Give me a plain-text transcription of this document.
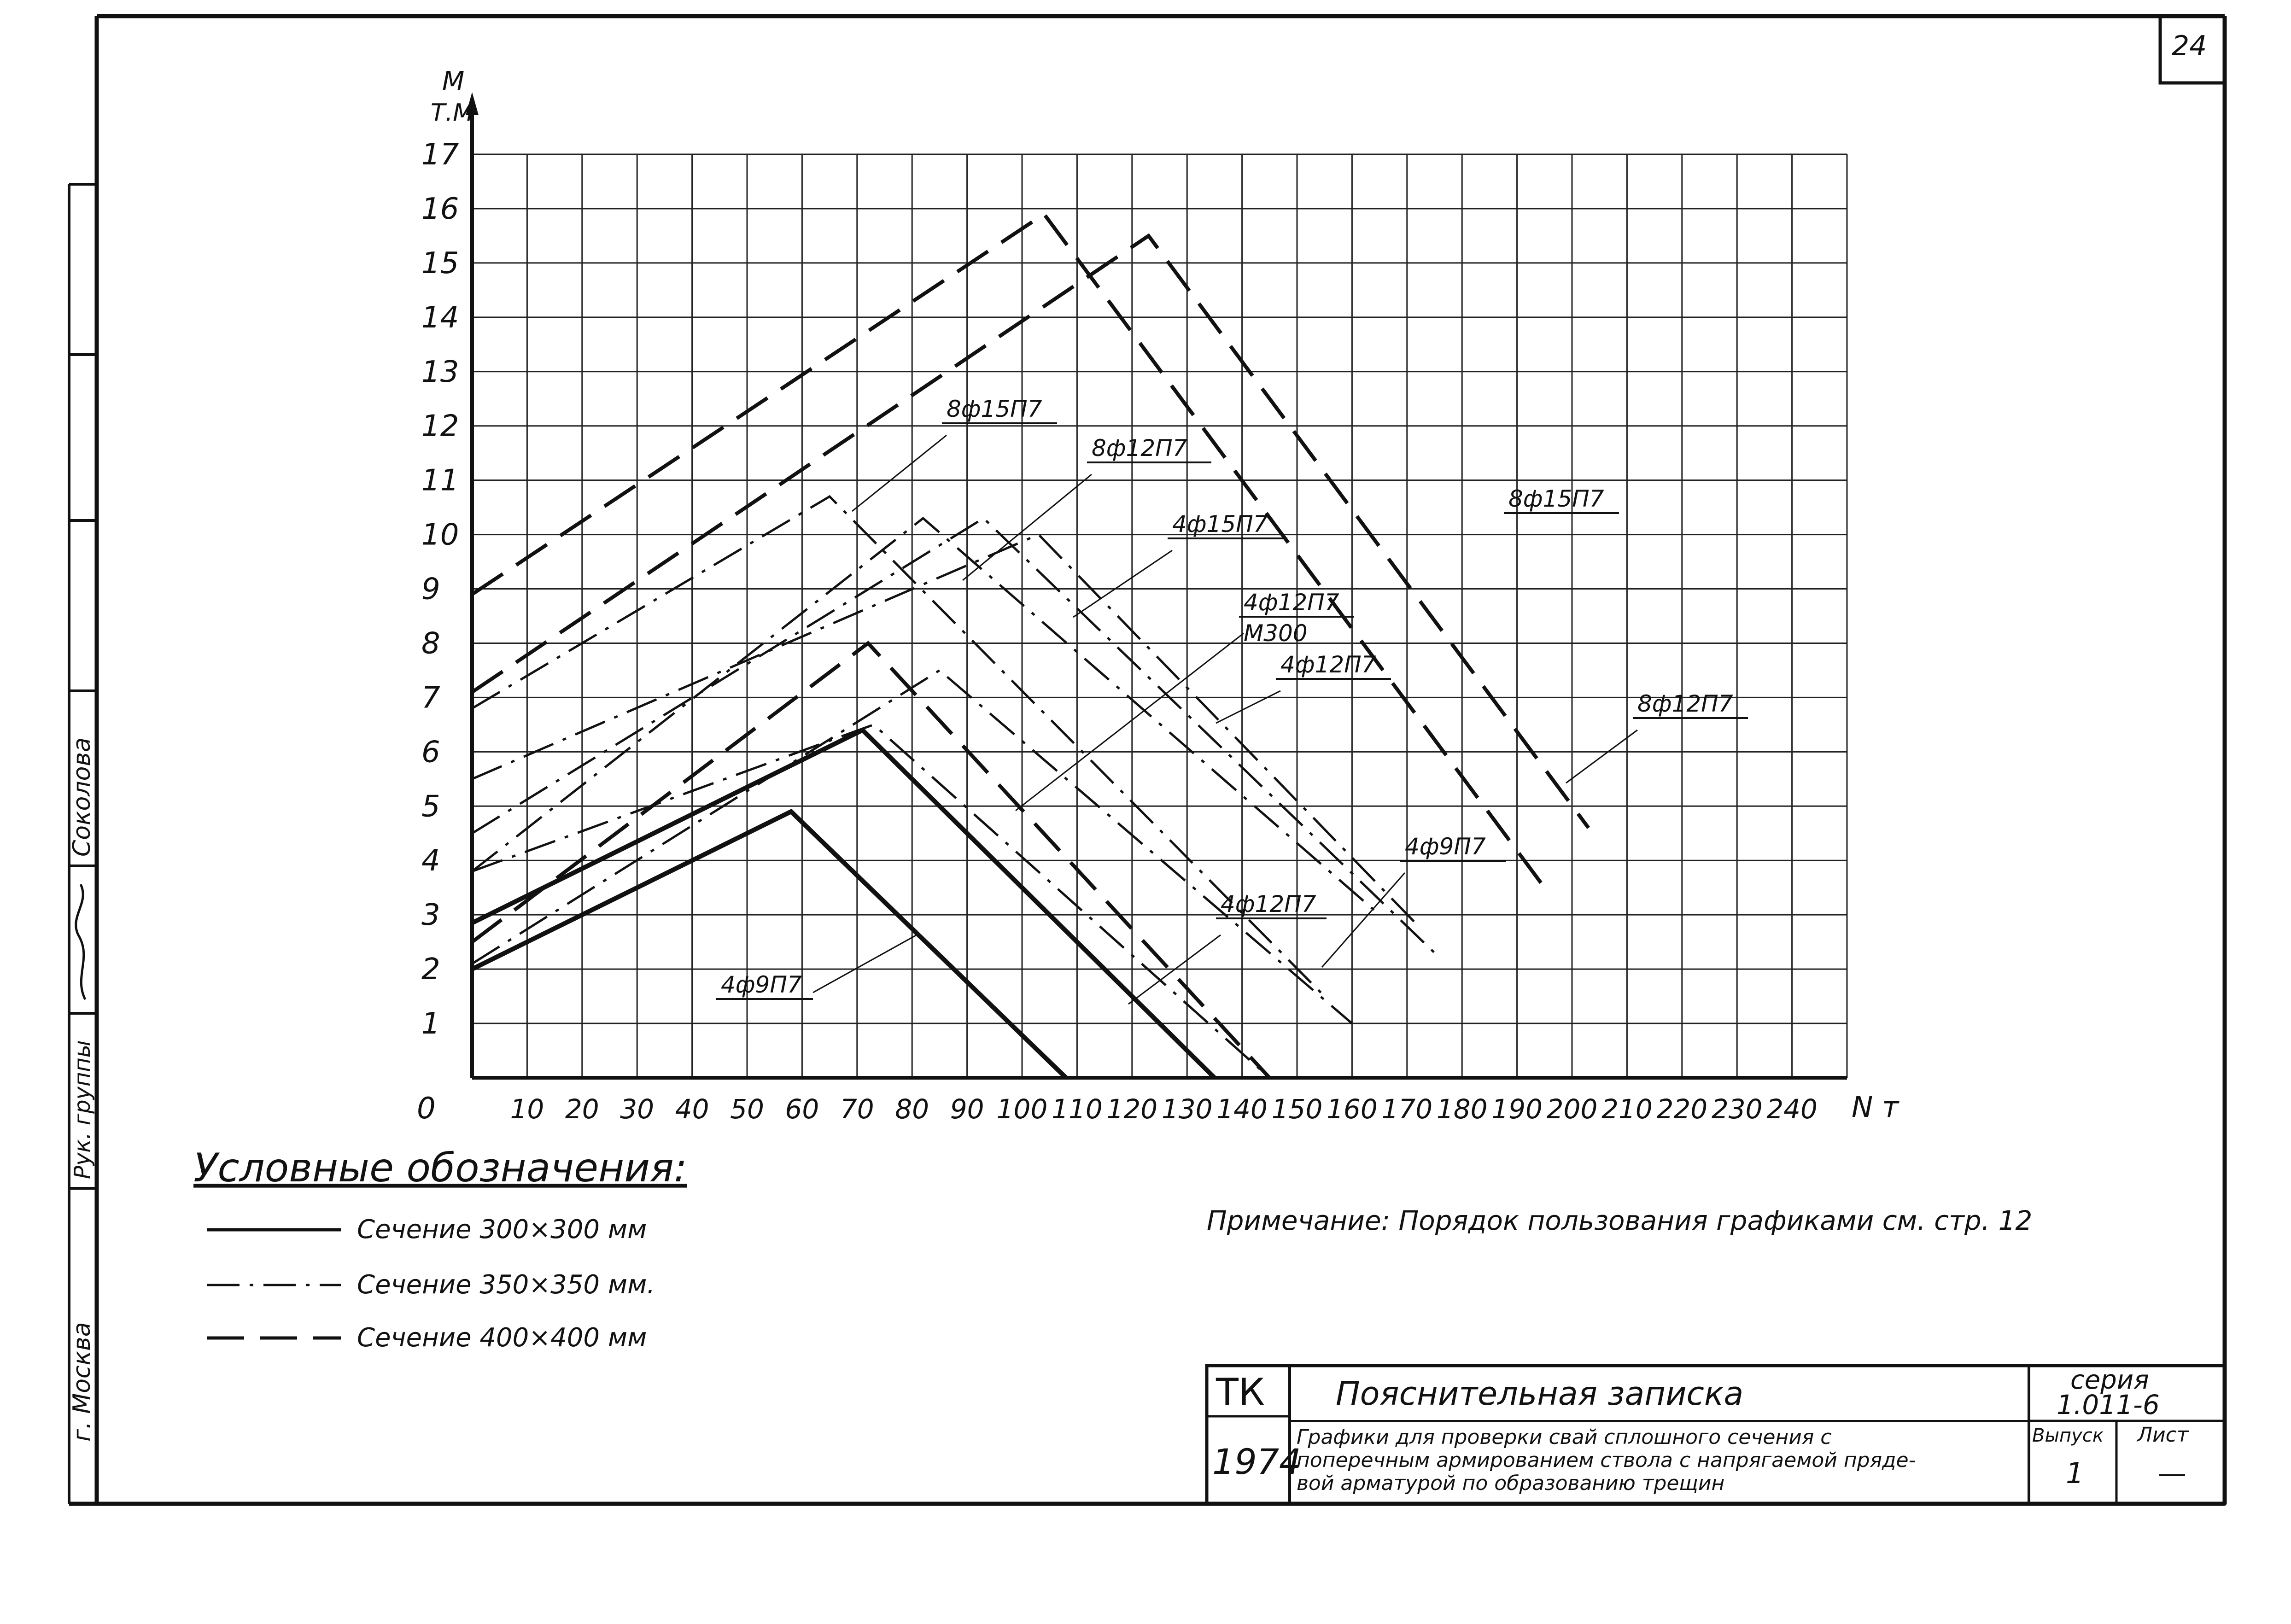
24
Соколова
Рук. группы
г. Москва
1
2
3
4
5
6
7
8
9
10
11
12
13
14
15
16
17
10 20 30 40 50 60 70 80 90 100 110 120 130 140 150 160 170 180 190 200 210 220 230 240
8ф15П7
8ф12П7
4ф15П7
4ф12П7
М300
4ф12П7
8ф15П7
8ф12П7
4ф9П7
4ф12П7
4ф9П7
М
Т.М
N т
0
Условные обозначения:
Сечение 300×300 мм
Сечение 350×350 мм.
Сечение 400×400 мм
Примечание: Порядок пользования графиками см. стр. 12
ТК
1974
Пояснительная записка
Графики для проверки свай сплошного сечения с
поперечным армированием ствола с напрягаемой прядe-
вой арматурой по образованию трещин
серия
1.011-6
Выпуск
1
Лист
—
